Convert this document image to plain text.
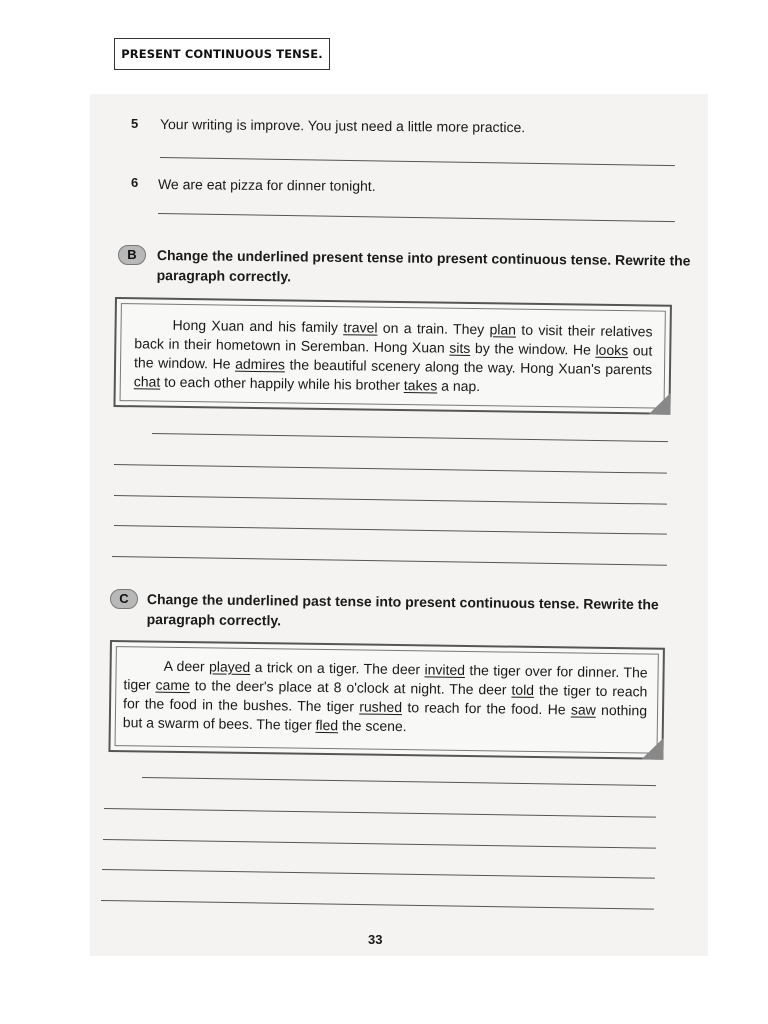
PRESENT CONTINUOUS TENSE.
5 Your writing is improve. You just need a little more practice.
6 We are eat pizza for dinner tonight.
B	Change the underlined present tense into present continuous tense. Rewrite the
paragraph correctly.
Hong Xuan and his family travel on a train. They plan to visit their relatives back in their hometown in Seremban. Hong Xuan sits by the window. He looks out the window. He admires the beautiful scenery along the way. Hong Xuan's parents chat to each other happily while his brother takes a nap.
C	Change the underlined past tense into present continuous tense. Rewrite the
paragraph correctly.
A deer played a trick on a tiger. The deer invited the tiger over for dinner. The tiger came to the deer's place at 8 o'clock at night. The deer told the tiger to reach for the food in the bushes. The tiger rushed to reach for the food. He saw nothing but a swarm of bees. The tiger fled the scene.
33
